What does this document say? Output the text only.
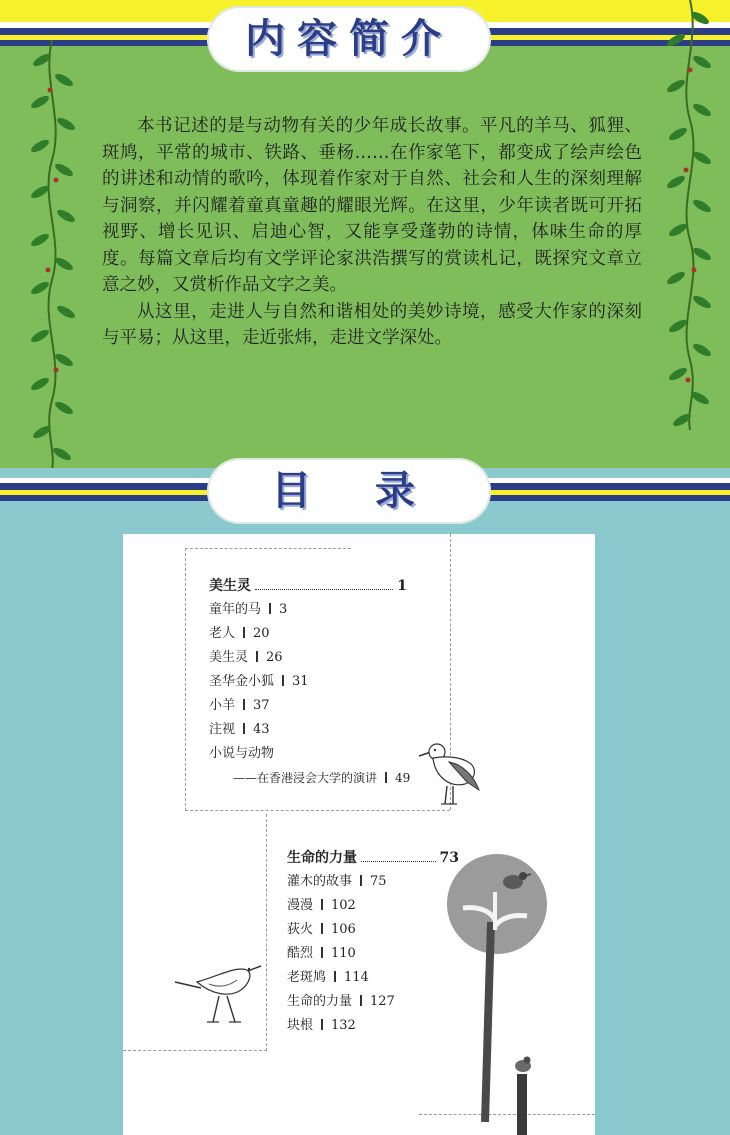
内容简介

本书记述的是与动物有关的少年成长故事。平凡的羊马、狐狸、斑鸠，平常的城市、铁路、垂杨……在作家笔下，都变成了绘声绘色的讲述和动情的歌吟，体现着作家对于自然、社会和人生的深刻理解与洞察，并闪耀着童真童趣的耀眼光辉。在这里，少年读者既可开拓视野、增长见识、启迪心智，又能享受蓬勃的诗情，体味生命的厚度。每篇文章后均有文学评论家洪浩撰写的赏读札记，既探究文章立意之妙，又赏析作品文字之美。

从这里，走进人与自然和谐相处的美妙诗境，感受大作家的深刻与平易；从这里，走近张炜，走进文学深处。

目  录
美生灵	1
童年的马 3
老人 20
美生灵 26
圣华金小狐 31
小羊 37
注视 43
小说与动物
——在香港浸会大学的演讲 49
生命的力量	73
灌木的故事 75
漫漫 102
荻火 106
酷烈 110
老斑鸠 114
生命的力量 127
块根 132
